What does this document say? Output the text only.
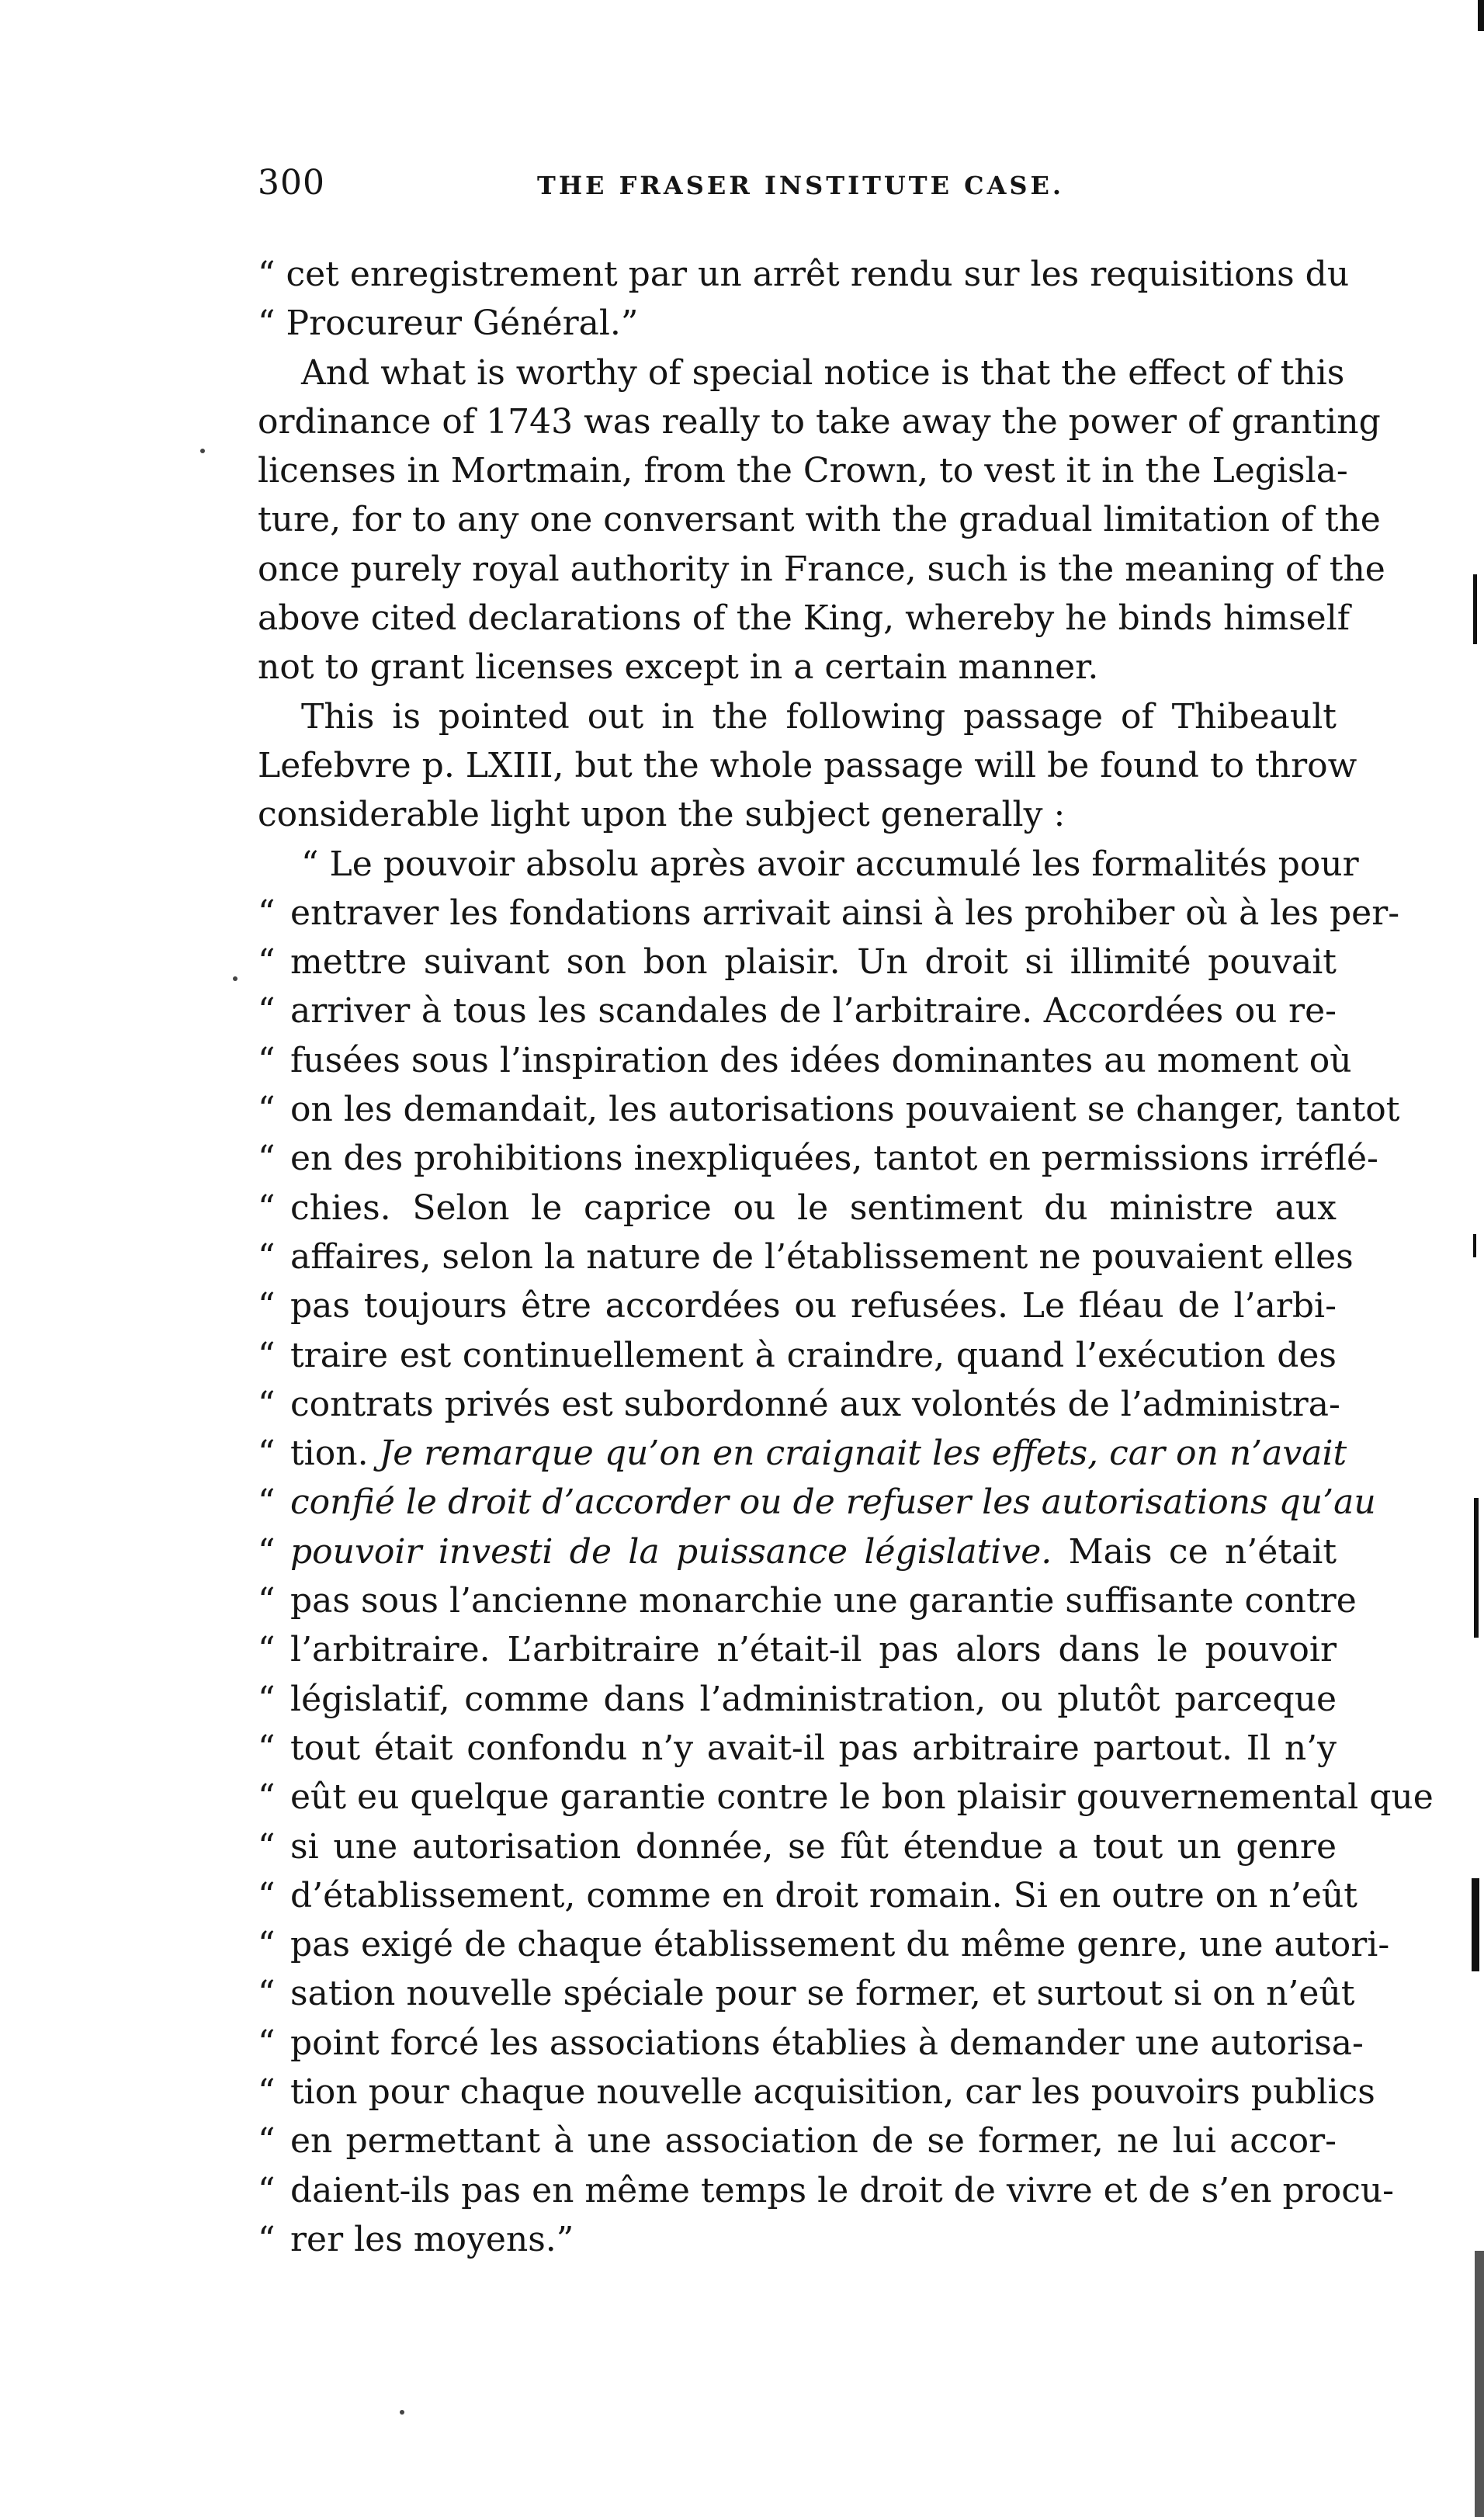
300	THE FRASER INSTITUTE CASE.
“ cet enregistrement par un arrêt rendu sur les requisitions du
“ Procureur Général.”
And what is worthy of special notice is that the effect of this
ordinance of 1743 was really to take away the power of granting
licenses in Mortmain, from the Crown, to vest it in the Legisla-
ture, for to any one conversant with the gradual limitation of the
once purely royal authority in France, such is the meaning of the
above cited declarations of the King, whereby he binds himself
not to grant licenses except in a certain manner.
This is pointed out in the following passage of Thibeault
Lefebvre p. LXIII, but the whole passage will be found to throw
considerable light upon the subject generally :
“ Le pouvoir absolu après avoir accumulé les formalités pour
“ entraver les fondations arrivait ainsi à les prohiber où à les per-
“ mettre suivant son bon plaisir. Un droit si illimité pouvait
“ arriver à tous les scandales de l’arbitraire. Accordées ou re-
“ fusées sous l’inspiration des idées dominantes au moment où
“ on les demandait, les autorisations pouvaient se changer, tantot
“ en des prohibitions inexpliquées, tantot en permissions irréflé-
“ chies. Selon le caprice ou le sentiment du ministre aux
“ affaires, selon la nature de l’établissement ne pouvaient elles
“ pas toujours être accordées ou refusées. Le fléau de l’arbi-
“ traire est continuellement à craindre, quand l’exécution des
“ contrats privés est subordonné aux volontés de l’administra-
“ tion. Je remarque qu’on en craignait les effets, car on n’avait
“ confié le droit d’accorder ou de refuser les autorisations qu’au
“ pouvoir investi de la puissance législative. Mais ce n’était
“ pas sous l’ancienne monarchie une garantie suffisante contre
“ l’arbitraire. L’arbitraire n’était-il pas alors dans le pouvoir
“ législatif, comme dans l’administration, ou plutôt parceque
“ tout était confondu n’y avait-il pas arbitraire partout. Il n’y
“ eût eu quelque garantie contre le bon plaisir gouvernemental que
“ si une autorisation donnée, se fût étendue a tout un genre
“ d’établissement, comme en droit romain. Si en outre on n’eût
“ pas exigé de chaque établissement du même genre, une autori-
“ sation nouvelle spéciale pour se former, et surtout si on n’eût
“ point forcé les associations établies à demander une autorisa-
“ tion pour chaque nouvelle acquisition, car les pouvoirs publics
“ en permettant à une association de se former, ne lui accor-
“ daient-ils pas en même temps le droit de vivre et de s’en procu-
“ rer les moyens.”
